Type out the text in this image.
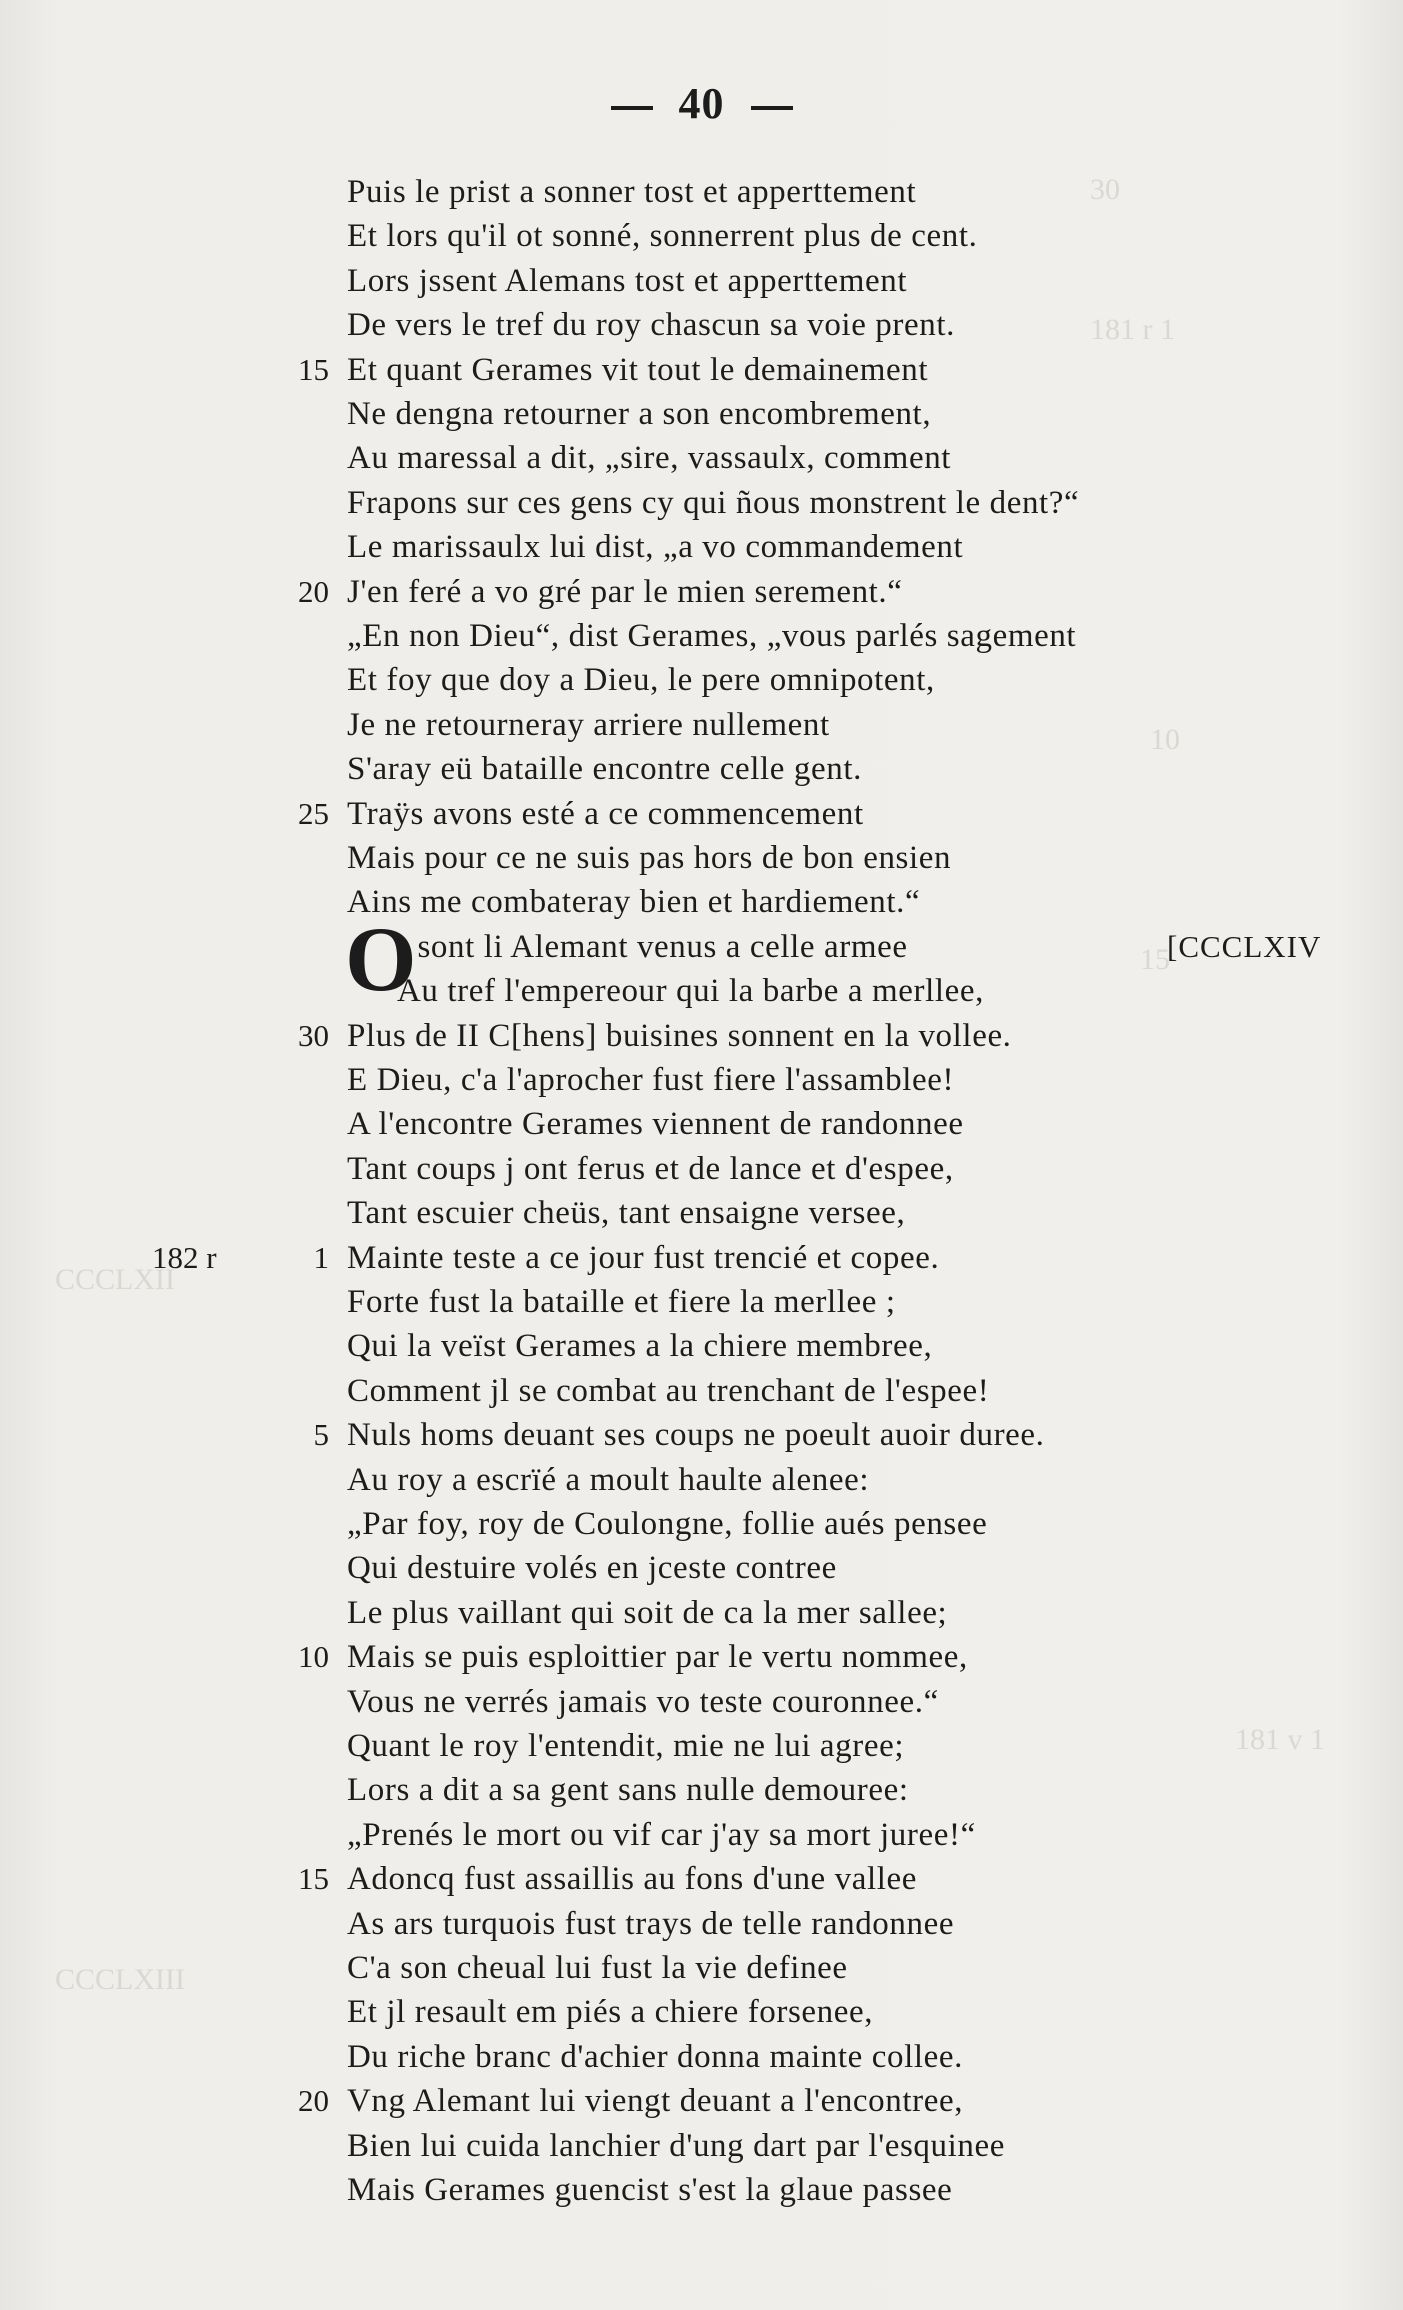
30
181 r 1
10
15
CCCLXII
181 v 1
CCCLXIII
40
Puis le prist a sonner tost et apperttement
Et lors qu'il ot sonné, sonnerrent plus de cent.
Lors jssent Alemans tost et apperttement
De vers le tref du roy chascun sa voie prent.
15 Et quant Gerames vit tout le demainement
Ne dengna retourner a son encombrement,
Au maressal a dit, „sire, vassaulx, comment
Frapons sur ces gens cy qui ñous monstrent le dent?“
Le marissaulx lui dist, „a vo commandement
20 J'en feré a vo gré par le mien serement.“
„En non Dieu“, dist Gerames, „vous parlés sagement
Et foy que doy a Dieu, le pere omnipotent,
Je ne retourneray arriere nullement
S'aray eü bataille encontre celle gent.
25 Traÿs avons esté a ce commencement
Mais pour ce ne suis pas hors de bon ensien
Ains me combateray bien et hardiement.“
O
r sont li Alemant venus a celle armee	[CCCLXIV
Au tref l'empereour qui la barbe a merllee,
30 Plus de II C[hens] buisines sonnent en la vollee.
E Dieu, c'a l'aprocher fust fiere l'assamblee!
A l'encontre Gerames viennent de randonnee
Tant coups j ont ferus et de lance et d'espee,
Tant escuier cheüs, tant ensaigne versee,
1
182 r	Mainte teste a ce jour fust trencié et copee.
Forte fust la bataille et fiere la merllee ;
Qui la veïst Gerames a la chiere membree,
Comment jl se combat au trenchant de l'espee!
5 Nuls homs deuant ses coups ne poeult auoir duree.
Au roy a escrïé a moult haulte alenee:
„Par foy, roy de Coulongne, follie aués pensee
Qui destuire volés en jceste contree
Le plus vaillant qui soit de ca la mer sallee;
10 Mais se puis esploittier par le vertu nommee,
Vous ne verrés jamais vo teste couronnee.“
Quant le roy l'entendit, mie ne lui agree;
Lors a dit a sa gent sans nulle demouree:
„Prenés le mort ou vif car j'ay sa mort juree!“
15 Adoncq fust assaillis au fons d'une vallee
As ars turquois fust trays de telle randonnee
C'a son cheual lui fust la vie definee
Et jl resault em piés a chiere forsenee,
Du riche branc d'achier donna mainte collee.
20 Vng Alemant lui viengt deuant a l'encontree,
Bien lui cuida lanchier d'ung dart par l'esquinee
Mais Gerames guencist s'est la glaue passee
